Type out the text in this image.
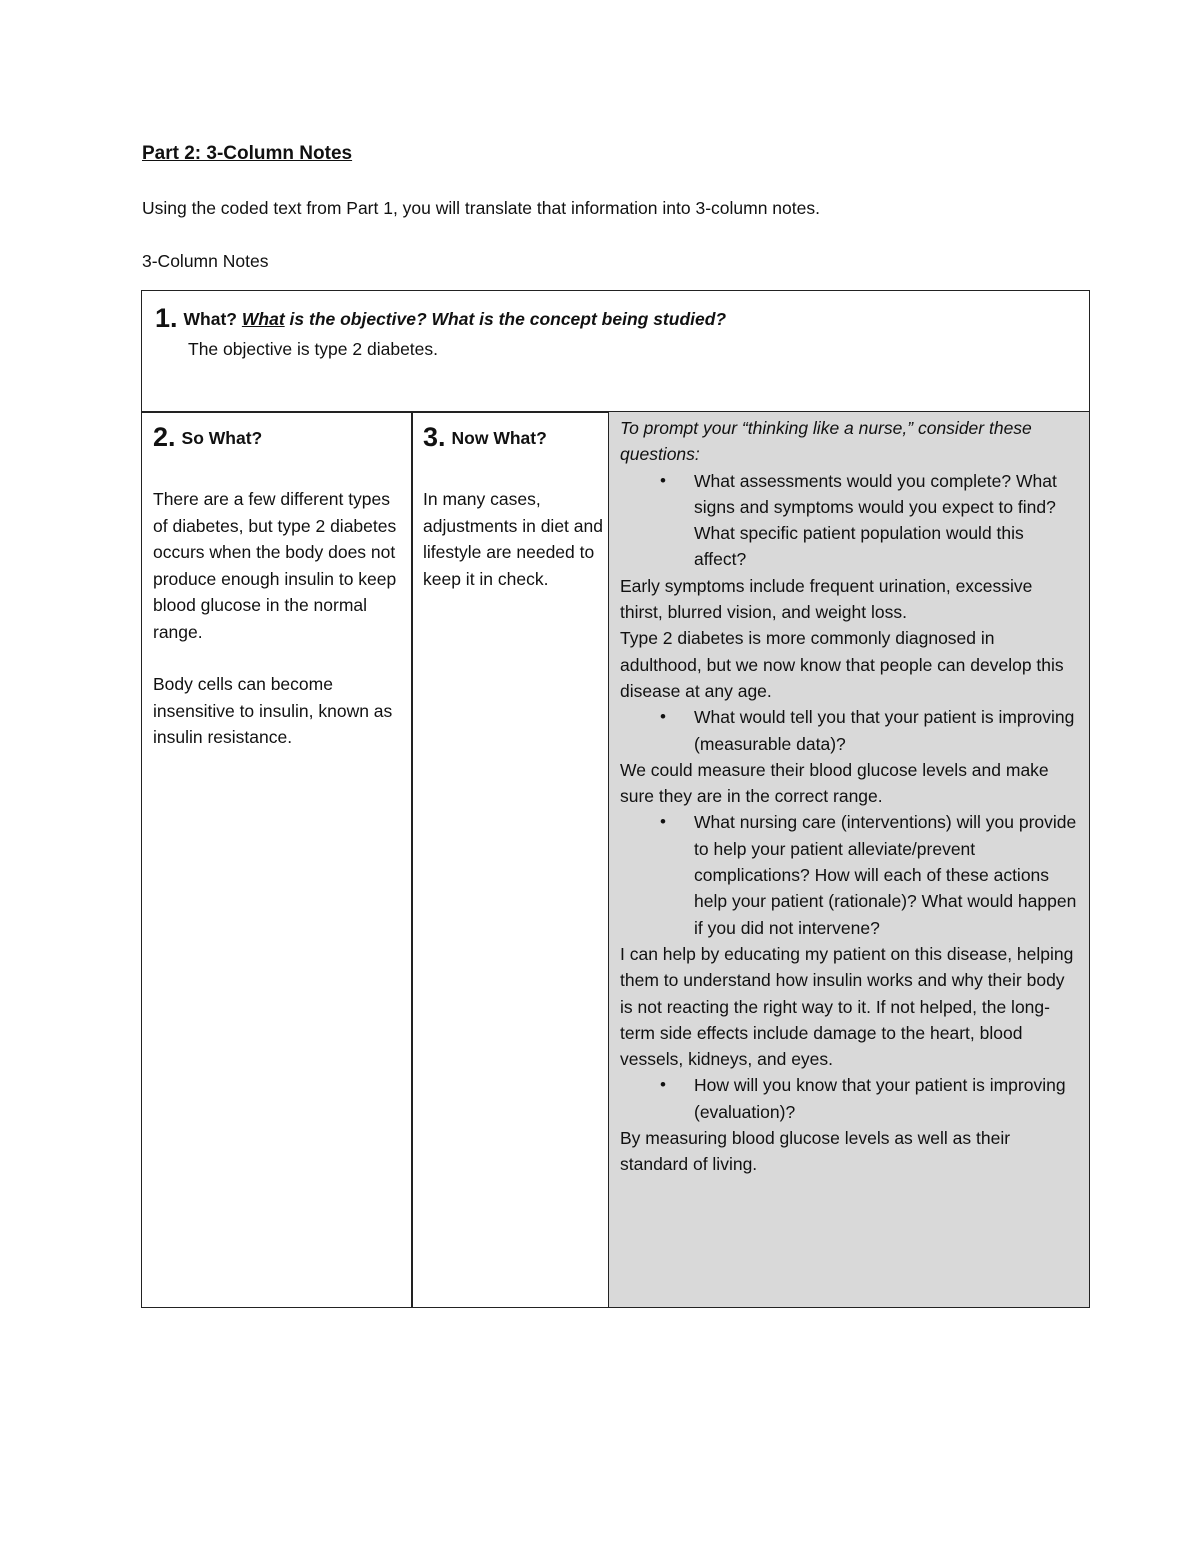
Part 2: 3-Column Notes
Using the coded text from Part 1, you will translate that information into 3-column notes.
3-Column Notes
1. What? What is the objective? What is the concept being studied?
The objective is type 2 diabetes.
2. So What?

There are a few different types of diabetes, but type 2 diabetes occurs when the body does not produce enough insulin to keep blood glucose in the normal range.

Body cells can become insensitive to insulin, known as insulin resistance.

3. Now What?

In many cases, adjustments in diet and lifestyle are needed to keep it in check.

To prompt your “thinking like a nurse,” consider these questions:

• What assessments would you complete? What signs and symptoms would you expect to find? What specific patient population would this affect?

Early symptoms include frequent urination, excessive thirst, blurred vision, and weight loss.

Type 2 diabetes is more commonly diagnosed in adulthood, but we now know that people can develop this disease at any age.

• What would tell you that your patient is improving (measurable data)?

We could measure their blood glucose levels and make sure they are in the correct range.

• What nursing care (interventions) will you provide to help your patient alleviate/prevent complications? How will each of these actions help your patient (rationale)? What would happen if you did not intervene?

I can help by educating my patient on this disease, helping them to understand how insulin works and why their body is not reacting the right way to it. If not helped, the long-term side effects include damage to the heart, blood vessels, kidneys, and eyes.

• How will you know that your patient is improving (evaluation)?

By measuring blood glucose levels as well as their standard of living.
